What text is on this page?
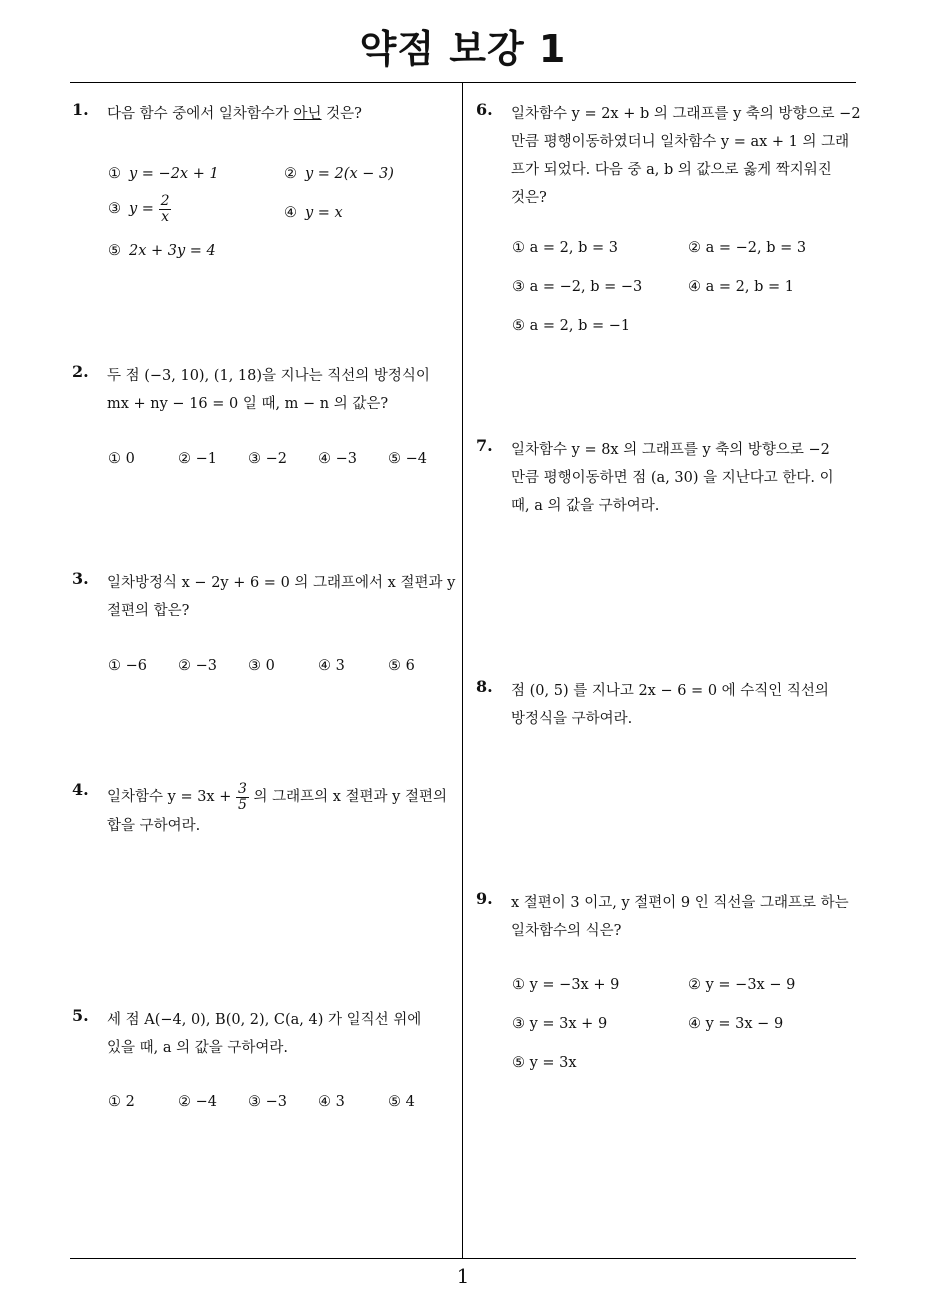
약점 보강 1
1
1. 다음 함수 중에서 일차함수가 아닌 것은?
① y = −2x + 1	② y = 2(x − 3)
③ $y = \frac{2}{x}$	④ y = x
⑤ 2x + 3y = 4
2. 두 점 (−3, 10), (1, 18)을 지나는 직선의 방정식이
mx + ny − 16 = 0 일 때, m − n 의 값은?
① 0	② −1 ③ −2 ④ −3 ⑤ −4
3. 일차방정식 x − 2y + 6 = 0 의 그래프에서 x 절편과 y
절편의 합은?
① −6 ② −3 ③ 0	④ 3	⑤ 6
4. 일차함수 $y = 3x + \frac{3}{5}$ 의 그래프의 x 절편과 y 절편의
합을 구하여라.
5. 세 점 A(−4, 0), B(0, 2), C(a, 4) 가 일직선 위에
있을 때, a 의 값을 구하여라.
① 2	② −4 ③ −3 ④ 3	⑤ 4
6. 일차함수 y = 2x + b 의 그래프를 y 축의 방향으로 −2
만큼 평행이동하였더니 일차함수 y = ax + 1 의 그래
프가 되었다. 다음 중 a, b 의 값으로 옳게 짝지워진
것은?
① a = 2, b = 3	② a = −2, b = 3
③ a = −2, b = −3	④ a = 2, b = 1
⑤ a = 2, b = −1
7. 일차함수 y = 8x 의 그래프를 y 축의 방향으로 −2
만큼 평행이동하면 점 (a, 30) 을 지난다고 한다. 이
때, a 의 값을 구하여라.
8. 점 (0, 5) 를 지나고 2x − 6 = 0 에 수직인 직선의
방정식을 구하여라.
9. x 절편이 3 이고, y 절편이 9 인 직선을 그래프로 하는
일차함수의 식은?
① y = −3x + 9	② y = −3x − 9
③ y = 3x + 9	④ y = 3x − 9
⑤ y = 3x
